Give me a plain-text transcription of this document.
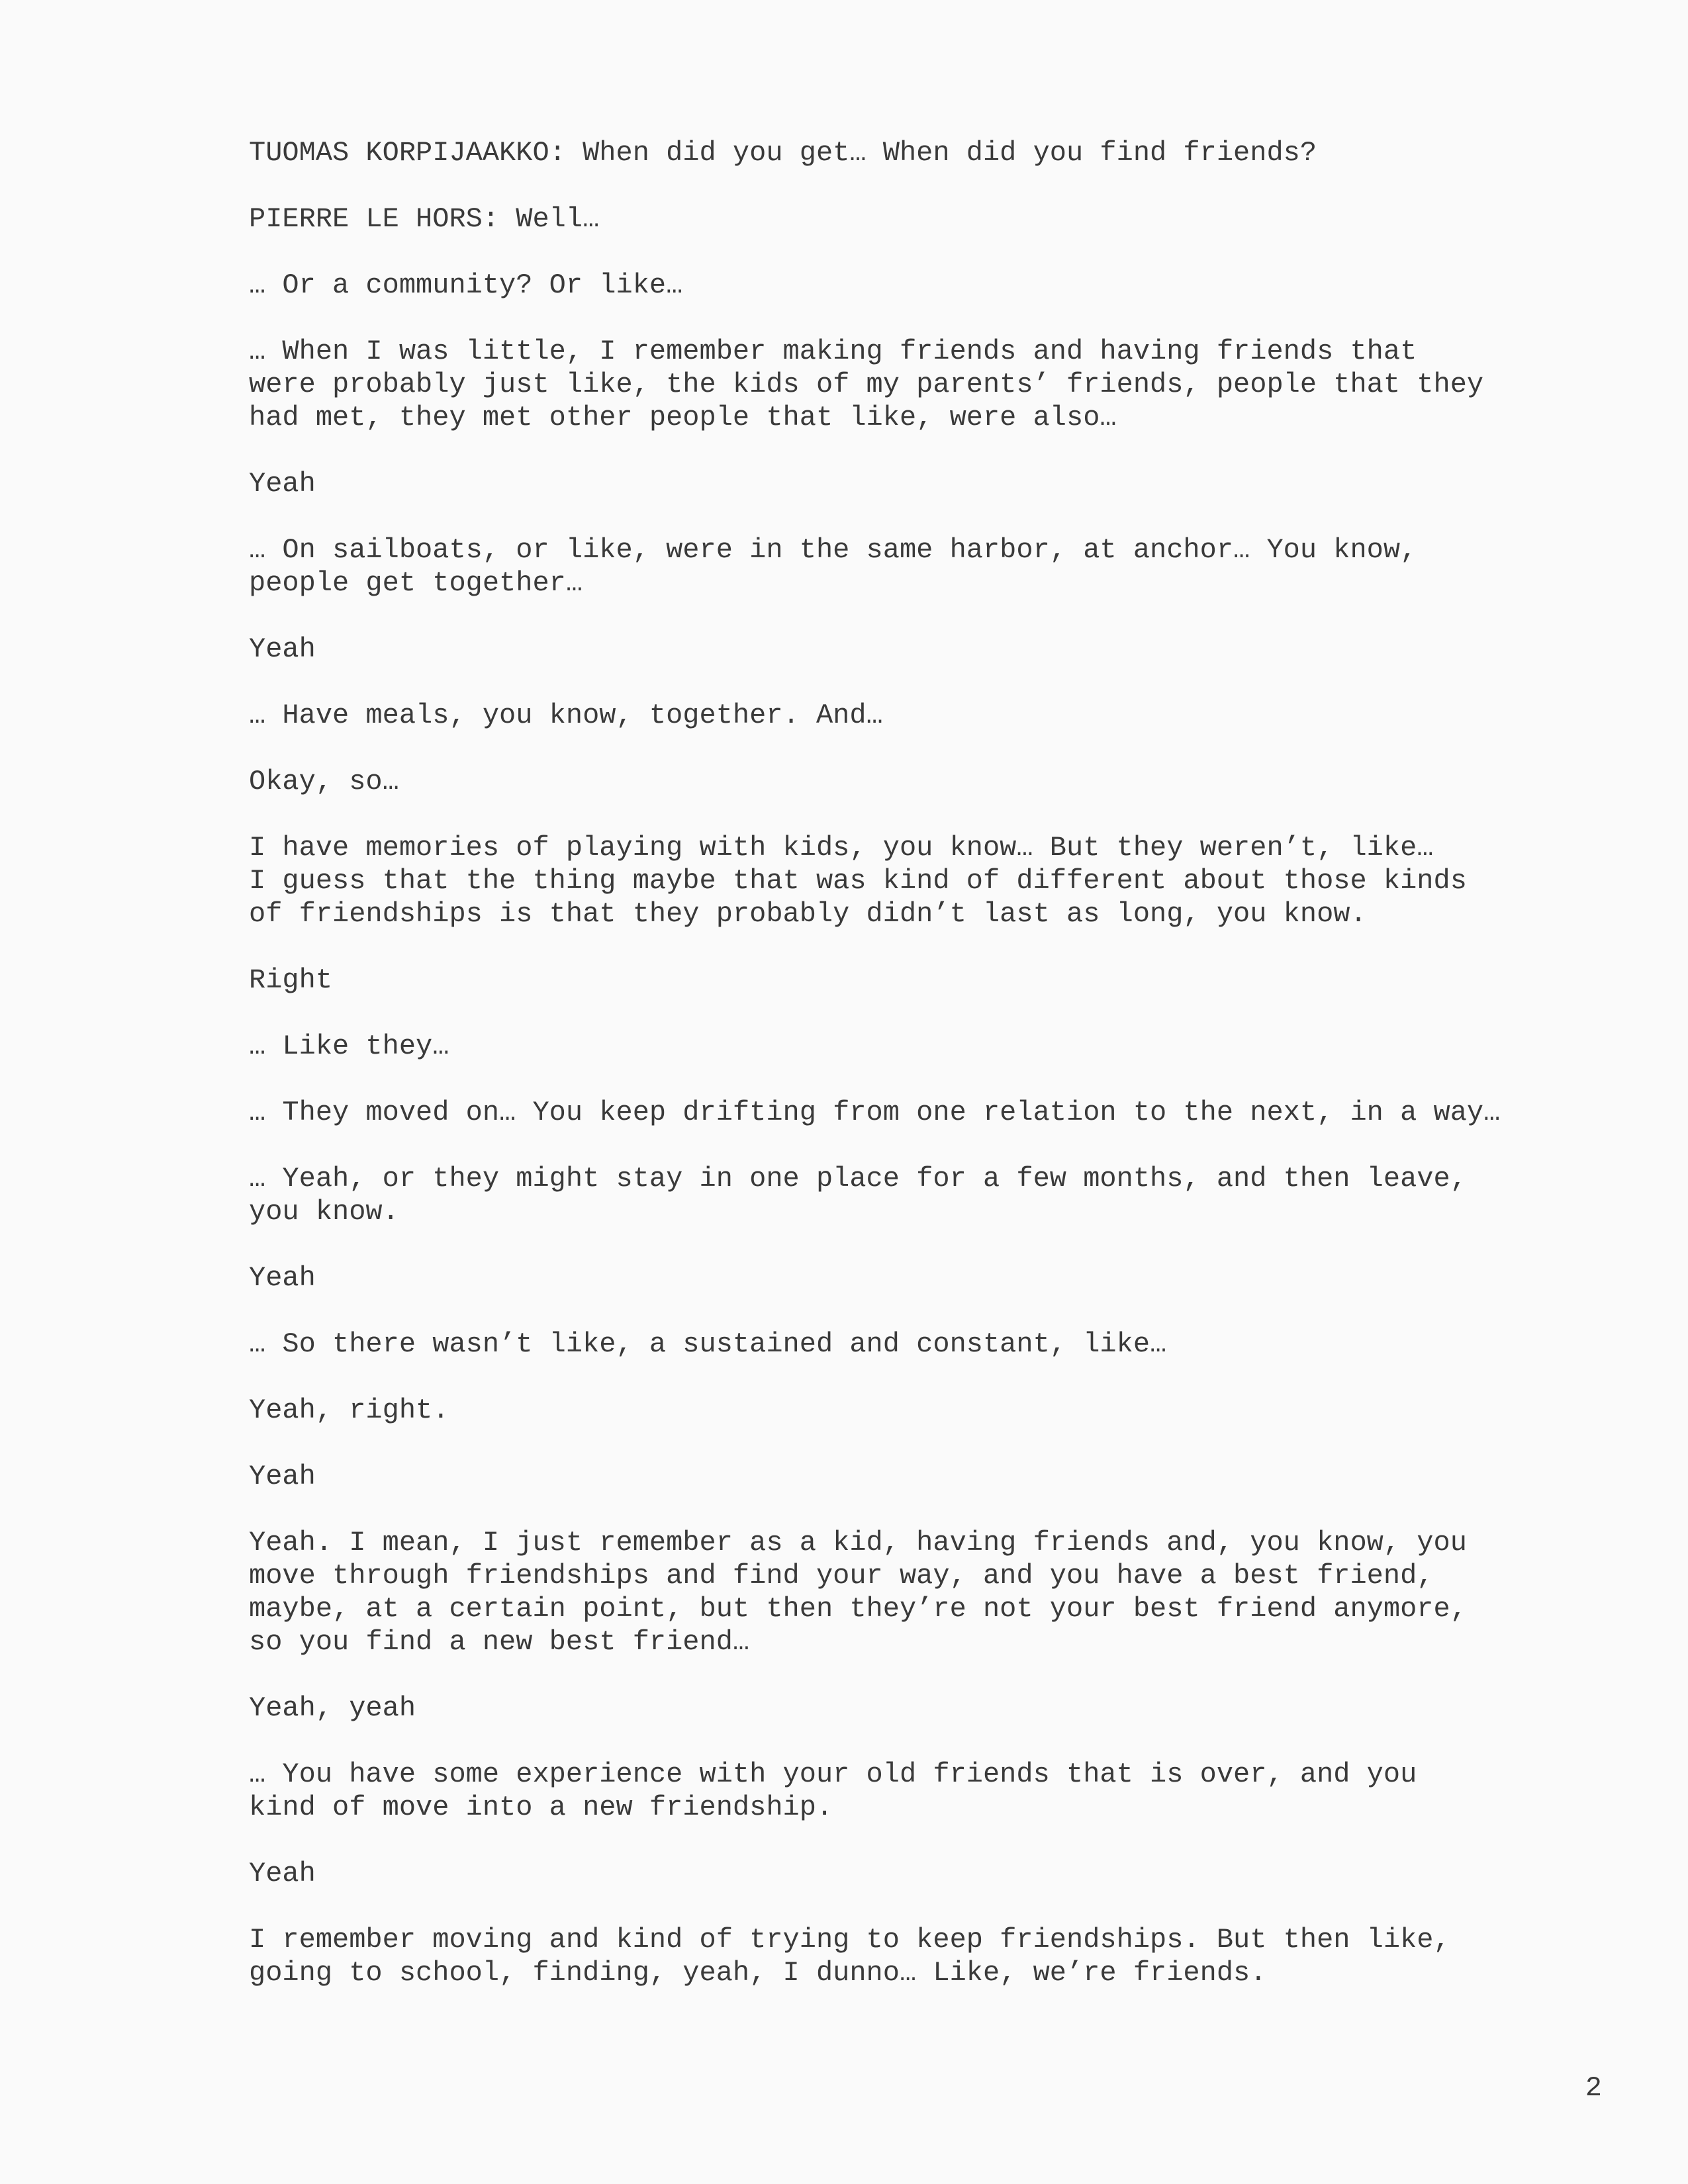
TUOMAS KORPIJAAKKO: When did you get… When did you find friends?

PIERRE LE HORS: Well…

… Or a community? Or like…

… When I was little, I remember making friends and having friends that
were probably just like, the kids of my parents’ friends, people that they
had met, they met other people that like, were also…

Yeah

… On sailboats, or like, were in the same harbor, at anchor… You know,
people get together…

Yeah

… Have meals, you know, together. And…

Okay, so…

I have memories of playing with kids, you know… But they weren’t, like…
I guess that the thing maybe that was kind of different about those kinds
of friendships is that they probably didn’t last as long, you know.

Right

… Like they…

… They moved on… You keep drifting from one relation to the next, in a way…

… Yeah, or they might stay in one place for a few months, and then leave,
you know.

Yeah

… So there wasn’t like, a sustained and constant, like…

Yeah, right.

Yeah

Yeah. I mean, I just remember as a kid, having friends and, you know, you
move through friendships and find your way, and you have a best friend,
maybe, at a certain point, but then they’re not your best friend anymore,
so you find a new best friend…

Yeah, yeah

… You have some experience with your old friends that is over, and you
kind of move into a new friendship.

Yeah

I remember moving and kind of trying to keep friendships. But then like,
going to school, finding, yeah, I dunno… Like, we’re friends.

2
